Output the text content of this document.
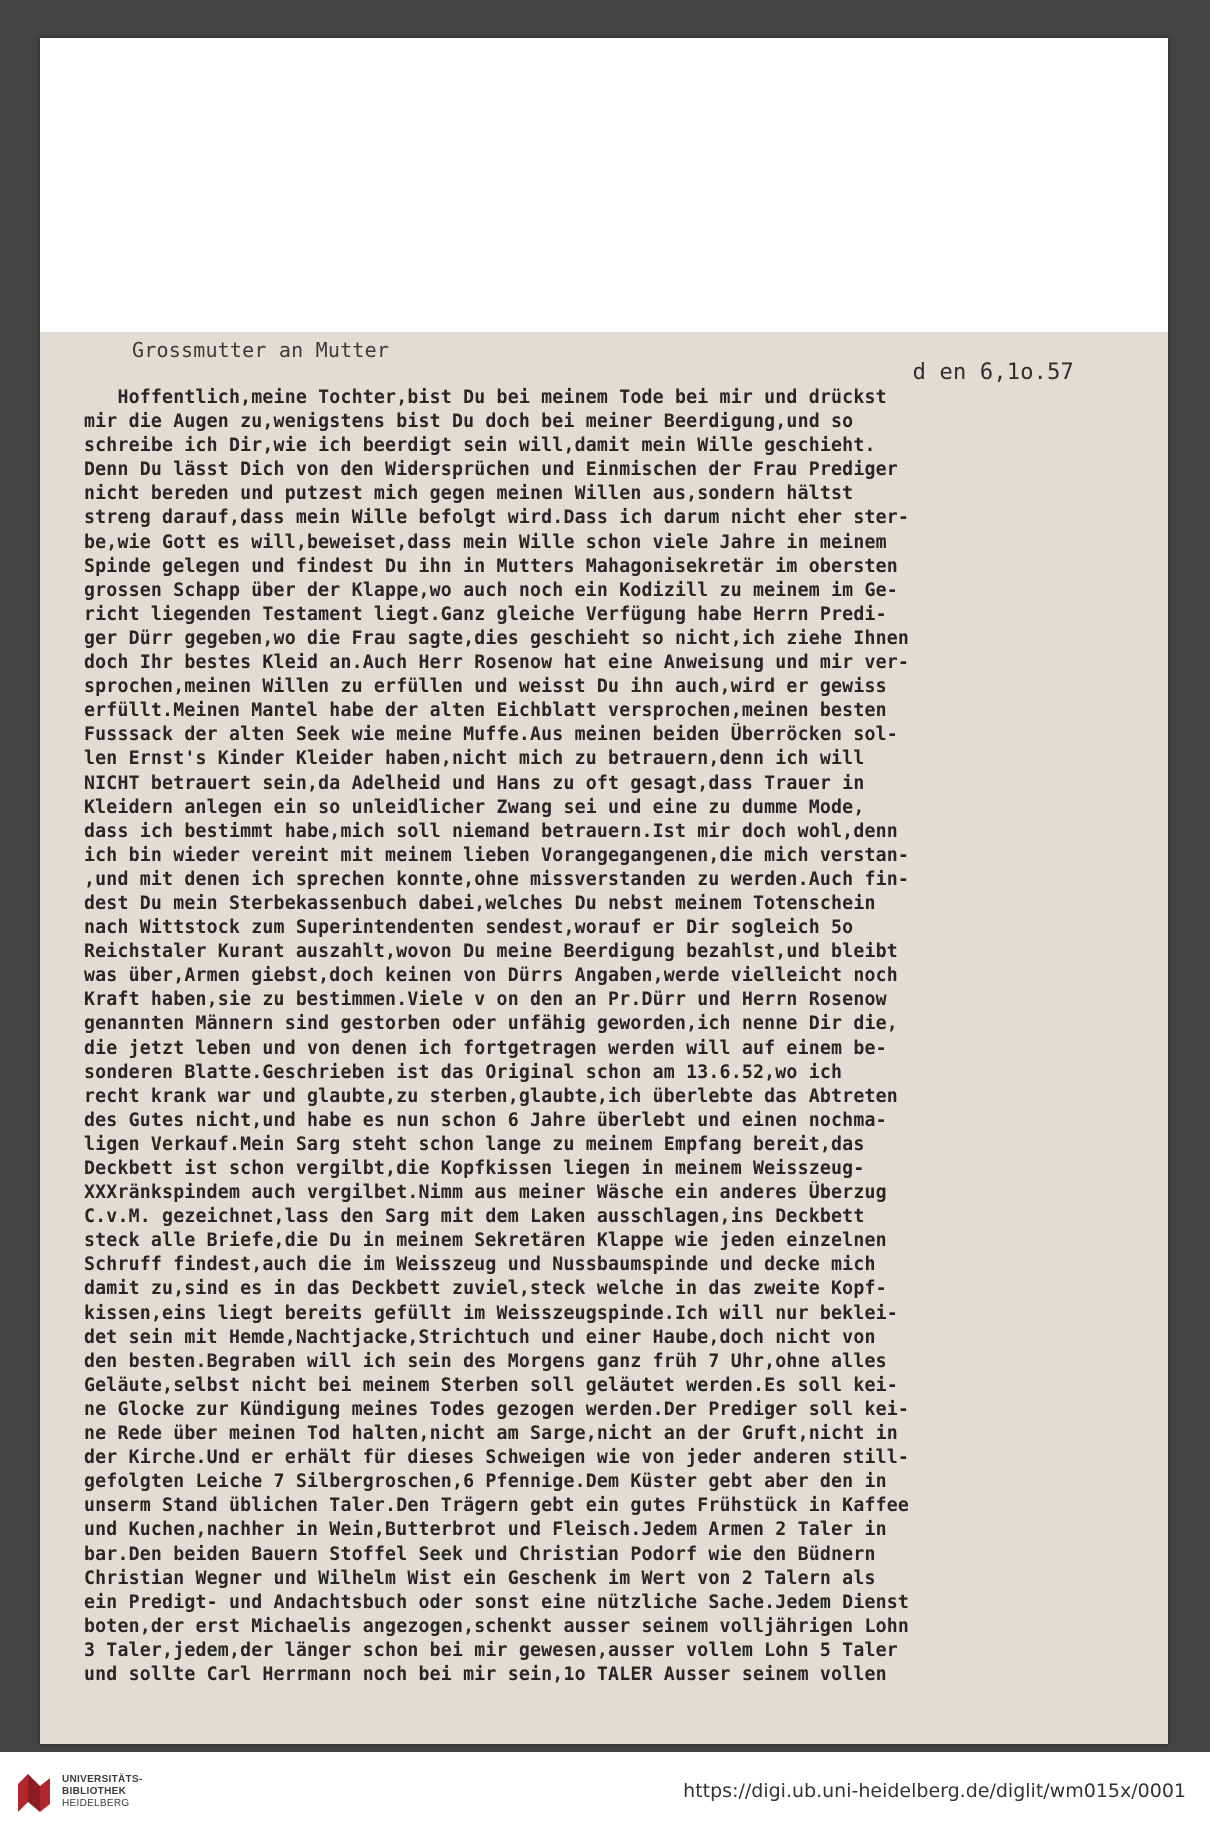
Grossmutter an Mutter
d en 6,1o.57
Hoffentlich,meine Tochter,bist Du bei meinem Tode bei mir und drückst
mir die Augen zu,wenigstens bist Du doch bei meiner Beerdigung,und so
schreibe ich Dir,wie ich beerdigt sein will,damit mein Wille geschieht.
Denn Du lässt Dich von den Widersprüchen und Einmischen der Frau Prediger
nicht bereden und putzest mich gegen meinen Willen aus,sondern hältst
streng darauf,dass mein Wille befolgt wird.Dass ich darum nicht eher ster-
be,wie Gott es will,beweiset,dass mein Wille schon viele Jahre in meinem
Spinde gelegen und findest Du ihn in Mutters Mahagonisekretär im obersten
grossen Schapp über der Klappe,wo auch noch ein Kodizill zu meinem im Ge-
richt liegenden Testament liegt.Ganz gleiche Verfügung habe Herrn Predi-
ger Dürr gegeben,wo die Frau sagte,dies geschieht so nicht,ich ziehe Ihnen
doch Ihr bestes Kleid an.Auch Herr Rosenow hat eine Anweisung und mir ver-
sprochen,meinen Willen zu erfüllen und weisst Du ihn auch,wird er gewiss
erfüllt.Meinen Mantel habe der alten Eichblatt versprochen,meinen besten
Fusssack der alten Seek wie meine Muffe.Aus meinen beiden Überröcken sol-
len Ernst's Kinder Kleider haben,nicht mich zu betrauern,denn ich will
NICHT betrauert sein,da Adelheid und Hans zu oft gesagt,dass Trauer in
Kleidern anlegen ein so unleidlicher Zwang sei und eine zu dumme Mode,
dass ich bestimmt habe,mich soll niemand betrauern.Ist mir doch wohl,denn
ich bin wieder vereint mit meinem lieben Vorangegangenen,die mich verstan-
,und mit denen ich sprechen konnte,ohne missverstanden zu werden.Auch fin-
dest Du mein Sterbekassenbuch dabei,welches Du nebst meinem Totenschein
nach Wittstock zum Superintendenten sendest,worauf er Dir sogleich 5o
Reichstaler Kurant auszahlt,wovon Du meine Beerdigung bezahlst,und bleibt
was über,Armen giebst,doch keinen von Dürrs Angaben,werde vielleicht noch
Kraft haben,sie zu bestimmen.Viele v on den an Pr.Dürr und Herrn Rosenow
genannten Männern sind gestorben oder unfähig geworden,ich nenne Dir die,
die jetzt leben und von denen ich fortgetragen werden will auf einem be-
sonderen Blatte.Geschrieben ist das Original schon am 13.6.52,wo ich
recht krank war und glaubte,zu sterben,glaubte,ich überlebte das Abtreten
des Gutes nicht,und habe es nun schon 6 Jahre überlebt und einen nochma-
ligen Verkauf.Mein Sarg steht schon lange zu meinem Empfang bereit,das
Deckbett ist schon vergilbt,die Kopfkissen liegen in meinem Weisszeug-
XXXränkspindem auch vergilbet.Nimm aus meiner Wäsche ein anderes Überzug
C.v.M. gezeichnet,lass den Sarg mit dem Laken ausschlagen,ins Deckbett
steck alle Briefe,die Du in meinem Sekretären Klappe wie jeden einzelnen
Schruff findest,auch die im Weisszeug und Nussbaumspinde und decke mich
damit zu,sind es in das Deckbett zuviel,steck welche in das zweite Kopf-
kissen,eins liegt bereits gefüllt im Weisszeugspinde.Ich will nur beklei-
det sein mit Hemde,Nachtjacke,Strichtuch und einer Haube,doch nicht von
den besten.Begraben will ich sein des Morgens ganz früh 7 Uhr,ohne alles
Geläute,selbst nicht bei meinem Sterben soll geläutet werden.Es soll kei-
ne Glocke zur Kündigung meines Todes gezogen werden.Der Prediger soll kei-
ne Rede über meinen Tod halten,nicht am Sarge,nicht an der Gruft,nicht in
der Kirche.Und er erhält für dieses Schweigen wie von jeder anderen still-
gefolgten Leiche 7 Silbergroschen,6 Pfennige.Dem Küster gebt aber den in
unserm Stand üblichen Taler.Den Trägern gebt ein gutes Frühstück in Kaffee
und Kuchen,nachher in Wein,Butterbrot und Fleisch.Jedem Armen 2 Taler in
bar.Den beiden Bauern Stoffel Seek und Christian Podorf wie den Büdnern
Christian Wegner und Wilhelm Wist ein Geschenk im Wert von 2 Talern als
ein Predigt- und Andachtsbuch oder sonst eine nützliche Sache.Jedem Dienst
boten,der erst Michaelis angezogen,schenkt ausser seinem volljährigen Lohn
3 Taler,jedem,der länger schon bei mir gewesen,ausser vollem Lohn 5 Taler
und sollte Carl Herrmann noch bei mir sein,1o TALER Ausser seinem vollen
UNIVERSITÄTS-
BIBLIOTHEK
HEIDELBERG
https://digi.ub.uni-heidelberg.de/diglit/wm015x/0001
